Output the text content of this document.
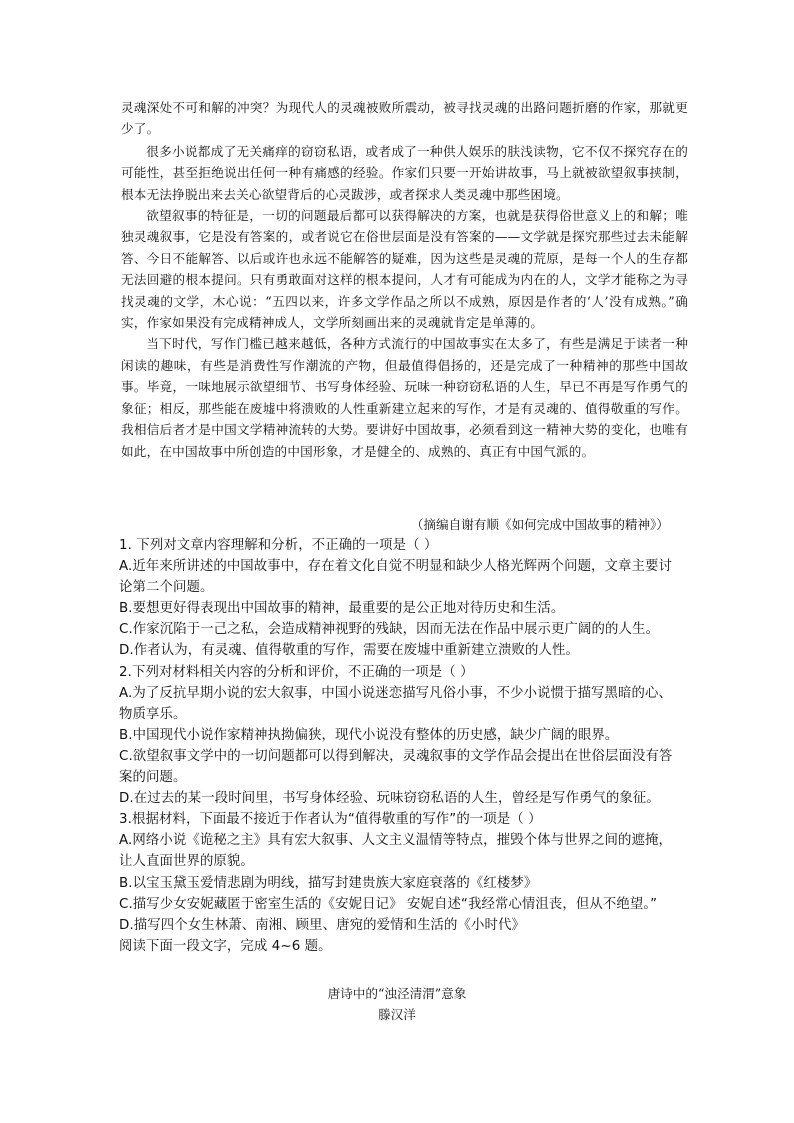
灵魂深处不可和解的冲突？为现代人的灵魂被败所震动，被寻找灵魂的出路问题折磨的作家，那就更少了。

很多小说都成了无关痛痒的窃窃私语，或者成了一种供人娱乐的肤浅读物，它不仅不探究存在的可能性，甚至拒绝说出任何一种有痛感的经验。作家们只要一开始讲故事，马上就被欲望叙事挟制，根本无法挣脱出来去关心欲望背后的心灵跋涉，或者探求人类灵魂中那些困境。

欲望叙事的特征是，一切的问题最后都可以获得解决的方案，也就是获得俗世意义上的和解；唯独灵魂叙事，它是没有答案的，或者说它在俗世层面是没有答案的——文学就是探究那些过去未能解答、今日不能解答、以后或许也永远不能解答的疑难，因为这些是灵魂的荒原，是每一个人的生存都无法回避的根本提问。只有勇敢面对这样的根本提问，人才有可能成为内在的人，文学才能称之为寻找灵魂的文学，木心说：“五四以来，许多文学作品之所以不成熟，原因是作者的‘人’没有成熟。”确实，作家如果没有完成精神成人，文学所刻画出来的灵魂就肯定是单薄的。

当下时代，写作门槛已越来越低，各种方式流行的中国故事实在太多了，有些是满足于读者一种闲读的趣味，有些是消费性写作潮流的产物，但最值得倡扬的，还是完成了一种精神的那些中国故事。毕竟，一味地展示欲望细节、书写身体经验、玩味一种窃窃私语的人生，早已不再是写作勇气的象征；相反，那些能在废墟中将溃败的人性重新建立起来的写作，才是有灵魂的、值得敬重的写作。我相信后者才是中国文学精神流转的大势。要讲好中国故事，必须看到这一精神大势的变化，也唯有如此，在中国故事中所创造的中国形象，才是健全的、成熟的、真正有中国气派的。

（摘编自谢有顺《如何完成中国故事的精神》）
1. 下列对文章内容理解和分析，不正确的一项是（ ）
A.近年来所讲述的中国故事中，存在着文化自觉不明显和缺少人格光辉两个问题，文章主要讨论第二个问题。
B.要想更好得表现出中国故事的精神，最重要的是公正地对待历史和生活。
C.作家沉陷于一己之私，会造成精神视野的残缺，因而无法在作品中展示更广阔的的人生。
D.作者认为，有灵魂、值得敬重的写作，需要在废墟中重新建立溃败的人性。
2.下列对材料相关内容的分析和评价，不正确的一项是（ ）
A.为了反抗早期小说的宏大叙事，中国小说迷恋描写凡俗小事，不少小说惯于描写黑暗的心、物质享乐。
B.中国现代小说作家精神执拗偏狭，现代小说没有整体的历史感，缺少广阔的眼界。
C.欲望叙事文学中的一切问题都可以得到解决，灵魂叙事的文学作品会提出在世俗层面没有答案的问题。
D.在过去的某一段时间里，书写身体经验、玩味窃窃私语的人生，曾经是写作勇气的象征。
3.根据材料，下面最不接近于作者认为“值得敬重的写作”的一项是（ ）
A.网络小说《诡秘之主》具有宏大叙事、人文主义温情等特点，摧毁个体与世界之间的遮掩，让人直面世界的原貌。
B.以宝玉黛玉爱情悲剧为明线，描写封建贵族大家庭衰落的《红楼梦》
C.描写少女安妮藏匿于密室生活的《安妮日记》 安妮自述“我经常心情沮丧，但从不绝望。”
D.描写四个女生林萧、南湘、顾里、唐宛的爱情和生活的《小时代》
阅读下面一段文字，完成 4~6 题。
唐诗中的“浊泾清渭”意象
滕汉洋
